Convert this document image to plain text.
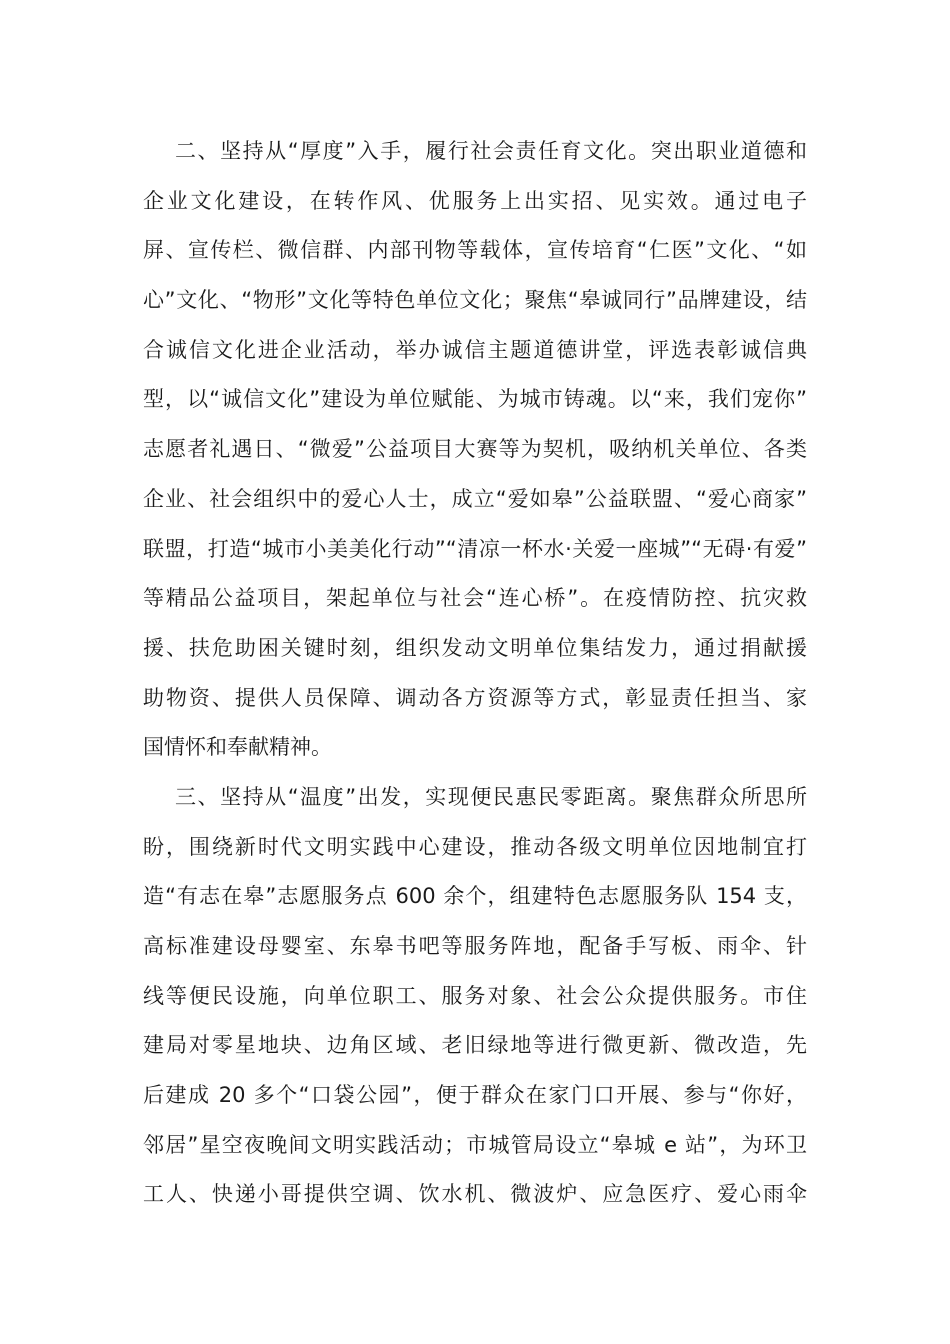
二、坚持从“厚度”入手，履行社会责任育文化。突出职业道德和
企业文化建设，在转作风、优服务上出实招、见实效。通过电子
屏、宣传栏、微信群、内部刊物等载体，宣传培育“仁医”文化、“如
心”文化、“物形”文化等特色单位文化；聚焦“皋诚同行”品牌建设，结
合诚信文化进企业活动，举办诚信主题道德讲堂，评选表彰诚信典
型，以“诚信文化”建设为单位赋能、为城市铸魂。以“来，我们宠你”
志愿者礼遇日、“微爱”公益项目大赛等为契机，吸纳机关单位、各类
企业、社会组织中的爱心人士，成立“爱如皋”公益联盟、“爱心商家”
联盟，打造“城市小美美化行动”“清凉一杯水·关爱一座城”“无碍·有爱”
等精品公益项目，架起单位与社会“连心桥”。在疫情防控、抗灾救
援、扶危助困关键时刻，组织发动文明单位集结发力，通过捐献援
助物资、提供人员保障、调动各方资源等方式，彰显责任担当、家
国情怀和奉献精神。
三、坚持从“温度”出发，实现便民惠民零距离。聚焦群众所思所
盼，围绕新时代文明实践中心建设，推动各级文明单位因地制宜打
造“有志在皋”志愿服务点 600 余个，组建特色志愿服务队 154 支，
高标准建设母婴室、东皋书吧等服务阵地，配备手写板、雨伞、针
线等便民设施，向单位职工、服务对象、社会公众提供服务。市住
建局对零星地块、边角区域、老旧绿地等进行微更新、微改造，先
后建成 20 多个“口袋公园”，便于群众在家门口开展、参与“你好，
邻居”星空夜晚间文明实践活动；市城管局设立“皋城 e 站”，为环卫
工人、快递小哥提供空调、饮水机、微波炉、应急医疗、爱心雨伞
